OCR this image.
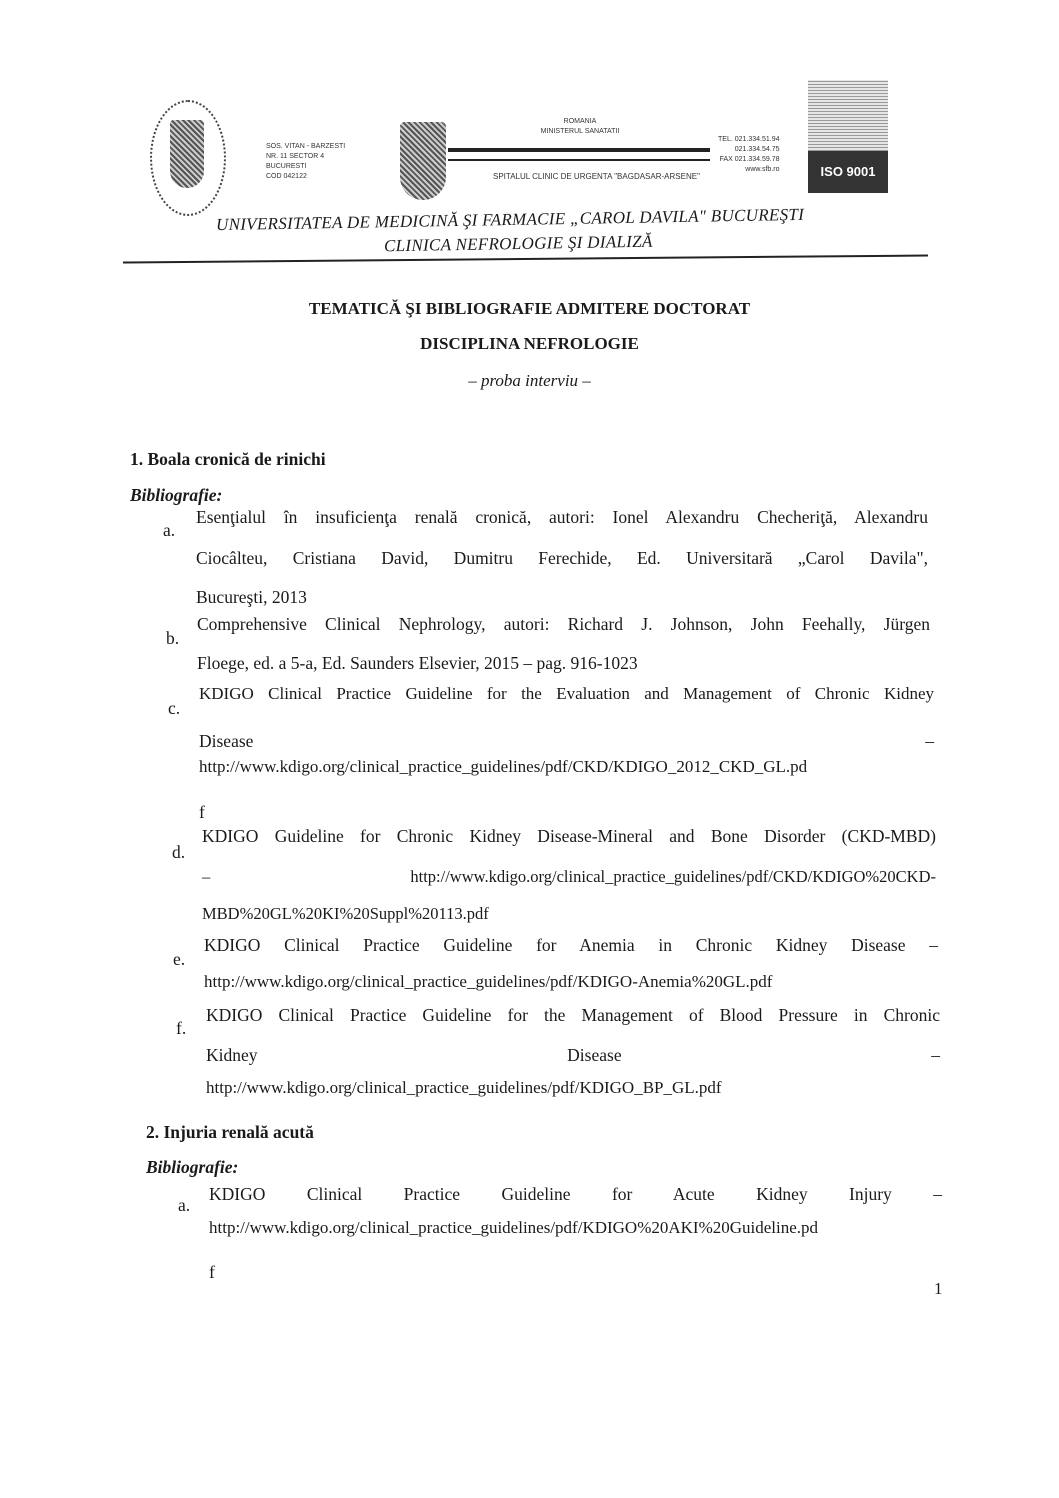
SOS. VITAN - BARZESTI
NR. 11 SECTOR 4
BUCURESTI
COD 042122
ROMANIA
MINISTERUL SANATATII
SPITALUL CLINIC DE URGENTA "BAGDASAR-ARSENE"
TEL. 021.334.51.94
021.334.54.75
FAX 021.334.59.78
www.sfb.ro	ISO 9001
UNIVERSITATEA DE MEDICINĂ ŞI FARMACIE „CAROL DAVILA" BUCUREŞTI
CLINICA NEFROLOGIE ŞI DIALIZĂ
TEMATICĂ ŞI BIBLIOGRAFIE ADMITERE DOCTORAT
DISCIPLINA NEFROLOGIE
– proba interviu –
1. Boala cronică de rinichi
Bibliografie:
a.
Esenţialul în insuficienţa renală cronică, autori: Ionel Alexandru Checheriţă, Alexandru
Ciocâlteu, Cristiana David, Dumitru Ferechide, Ed. Universitară „Carol Davila",
Bucureşti, 2013
b.
Comprehensive Clinical Nephrology, autori: Richard J. Johnson, John Feehally, Jürgen
Floege, ed. a 5-a, Ed. Saunders Elsevier, 2015 – pag. 916-1023
c.
KDIGO Clinical Practice Guideline for the Evaluation and Management of Chronic Kidney
Disease –
http://www.kdigo.org/clinical_practice_guidelines/pdf/CKD/KDIGO_2012_CKD_GL.pd
f
d.
KDIGO Guideline for Chronic Kidney Disease-Mineral and Bone Disorder (CKD-MBD)
– http://www.kdigo.org/clinical_practice_guidelines/pdf/CKD/KDIGO%20CKD-
MBD%20GL%20KI%20Suppl%20113.pdf
e.
KDIGO Clinical Practice Guideline for Anemia in Chronic Kidney Disease –
http://www.kdigo.org/clinical_practice_guidelines/pdf/KDIGO-Anemia%20GL.pdf
f.
KDIGO Clinical Practice Guideline for the Management of Blood Pressure in Chronic
Kidney Disease –
http://www.kdigo.org/clinical_practice_guidelines/pdf/KDIGO_BP_GL.pdf
2. Injuria renală acută
Bibliografie:
a.
KDIGO Clinical Practice Guideline for Acute Kidney Injury –
http://www.kdigo.org/clinical_practice_guidelines/pdf/KDIGO%20AKI%20Guideline.pd
f
1
